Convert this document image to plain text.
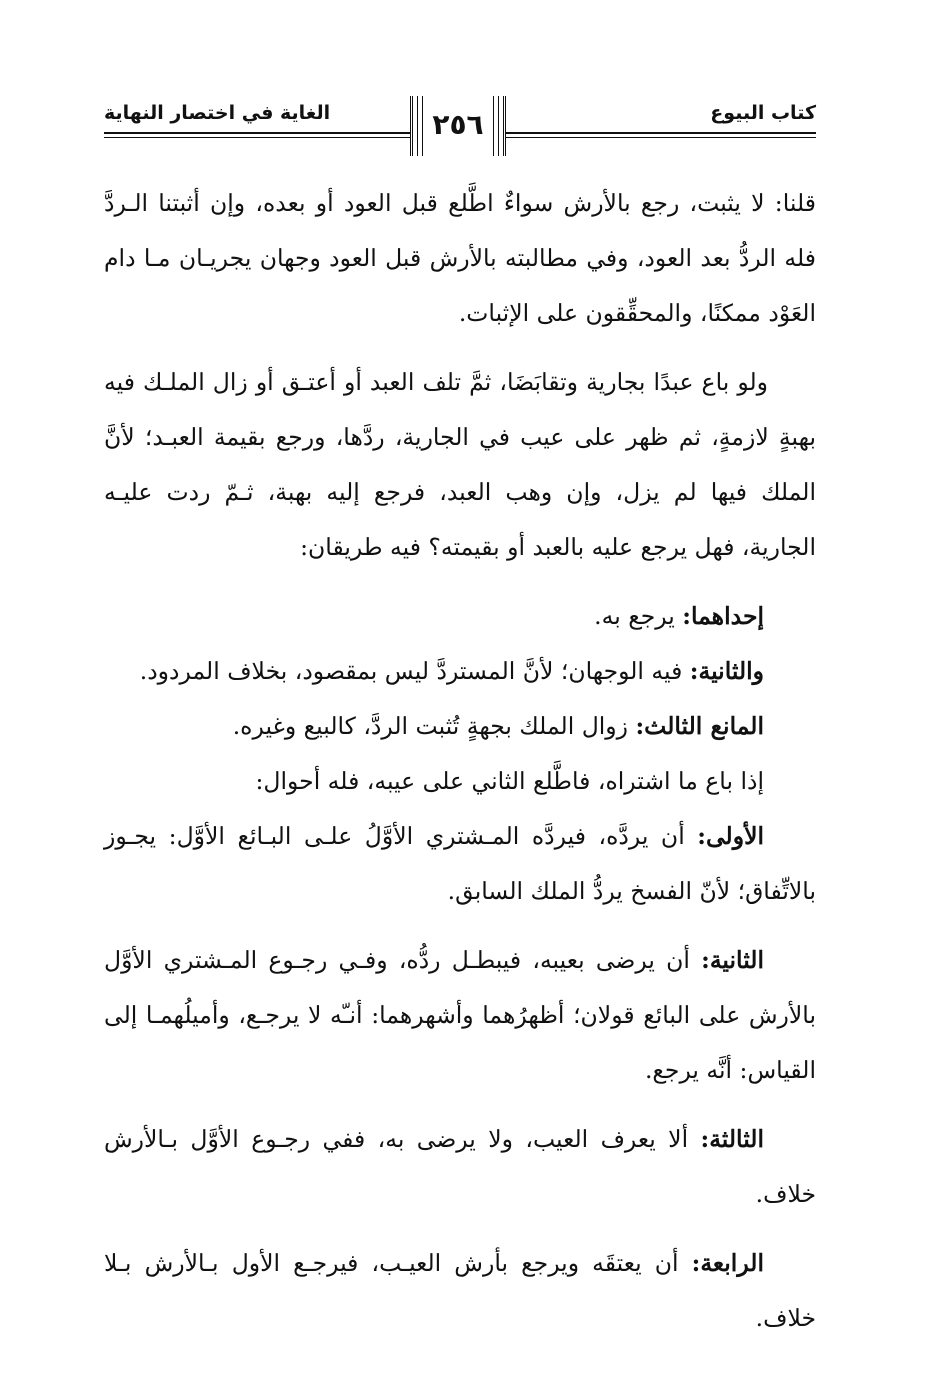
كتاب البيوع
الغاية في اختصار النهاية	٢٥٦

قلنا: لا يثبت، رجع بالأرش سواءٌ اطَّلع قبل العود أو بعده، وإن أثبتنا الـردَّ فله الردُّ بعد العود، وفي مطالبته بالأرش قبل العود وجهان يجريـان مـا دام العَوْد ممكنًا، والمحقِّقون على الإثبات.

ولو باع عبدًا بجارية وتقابَضَا، ثمَّ تلف العبد أو أعتـق أو زال الملـك فيه بهبةٍ لازمةٍ، ثم ظهر على عيب في الجارية، ردَّها، ورجع بقيمة العبـد؛ لأنَّ الملك فيها لم يزل، وإن وهب العبد، فرجع إليه بهبة، ثـمّ ردت عليـه الجارية، فهل يرجع عليه بالعبد أو بقيمته؟ فيه طريقان:

إحداهما: يرجع به.

والثانية: فيه الوجهان؛ لأنَّ المستردَّ ليس بمقصود، بخلاف المردود.

المانع الثالث: زوال الملك بجهةٍ تُثبت الردَّ، كالبيع وغيره.

إذا باع ما اشتراه، فاطَّلع الثاني على عيبه، فله أحوال:

الأولى: أن يردَّه، فيردَّه المـشتري الأوَّلُ علـى البـائع الأوَّل: يجـوز بالاتِّفاق؛ لأنّ الفسخ يردُّ الملك السابق.

الثانية: أن يرضى بعيبه، فيبطـل ردُّه، وفـي رجـوع المـشتري الأوَّل بالأرش على البائع قولان؛ أظهرُهما وأشهرهما: أنـّه لا يرجـع، وأميلُهمـا إلى القياس: أنَّه يرجع.

الثالثة: ألا يعرف العيب، ولا يرضى به، ففي رجـوع الأوَّل بـالأرش خلاف.

الرابعة: أن يعتقَه ويرجع بأرش العيـب، فيرجـع الأول بـالأرش بـلا خلاف.
